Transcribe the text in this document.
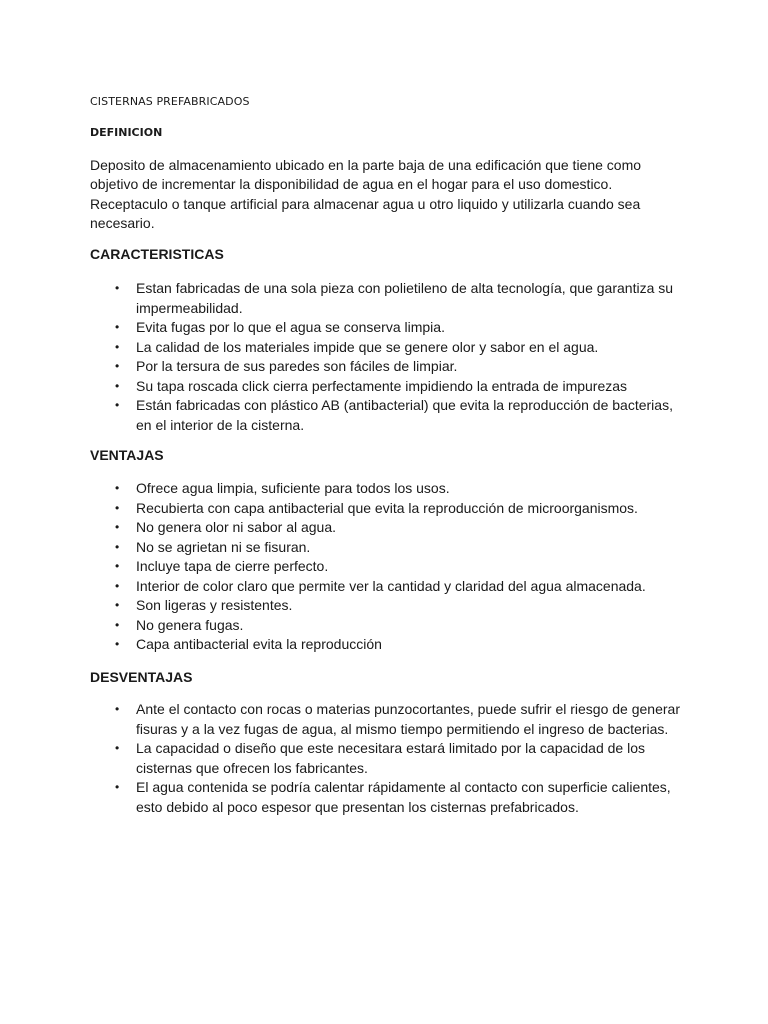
CISTERNAS PREFABRICADOS
DEFINICION

Deposito de almacenamiento ubicado en la parte baja de una edificación que tiene como objetivo de incrementar la disponibilidad de agua en el hogar para el uso domestico. Receptaculo o tanque artificial para almacenar agua u otro liquido y utilizarla cuando sea necesario.

CARACTERISTICAS
• Estan fabricadas de una sola pieza con polietileno de alta tecnología, que garantiza su impermeabilidad.
• Evita fugas por lo que el agua se conserva limpia.
• La calidad de los materiales impide que se genere olor y sabor en el agua.
• Por la tersura de sus paredes son fáciles de limpiar.
• Su tapa roscada click cierra perfectamente impidiendo la entrada de impurezas
• Están fabricadas con plástico AB (antibacterial) que evita la reproducción de bacterias, en el interior de la cisterna.
VENTAJAS
• Ofrece agua limpia, suficiente para todos los usos.
• Recubierta con capa antibacterial que evita la reproducción de microorganismos.
• No genera olor ni sabor al agua.
• No se agrietan ni se fisuran.
• Incluye tapa de cierre perfecto.
• Interior de color claro que permite ver la cantidad y claridad del agua almacenada.
• Son ligeras y resistentes.
• No genera fugas.
• Capa antibacterial evita la reproducción
DESVENTAJAS
• Ante el contacto con rocas o materias punzocortantes, puede sufrir el riesgo de generar fisuras y a la vez fugas de agua, al mismo tiempo permitiendo el ingreso de bacterias.
• La capacidad o diseño que este necesitara estará limitado por la capacidad de los cisternas que ofrecen los fabricantes.
• El agua contenida se podría calentar rápidamente al contacto con superficie calientes, esto debido al poco espesor que presentan los cisternas prefabricados.
